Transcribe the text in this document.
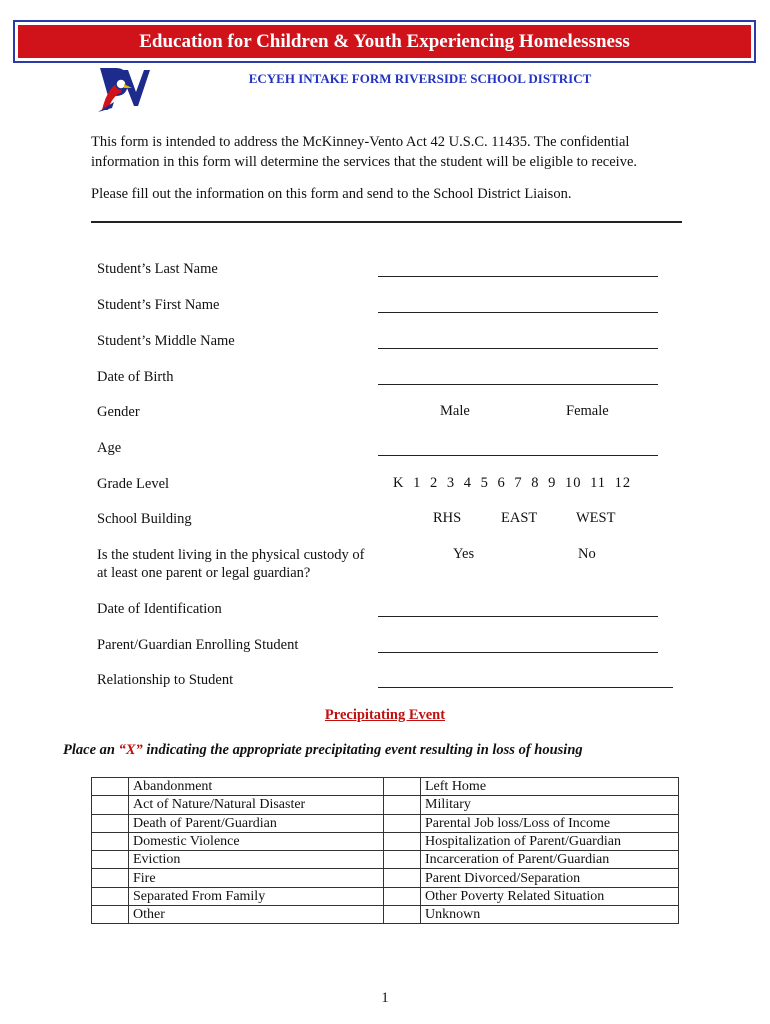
Education for Children & Youth Experiencing Homelessness
ECYEH INTAKE FORM RIVERSIDE SCHOOL DISTRICT
This form is intended to address the McKinney-Vento Act 42 U.S.C. 11435. The confidential information in this form will determine the services that the student will be eligible to receive.
Please fill out the information on this form and send to the School District Liaison.
Student’s Last Name
Student’s First Name
Student’s Middle Name
Date of Birth
Gender	Male	Female
Age
Grade Level	K 1 2 3 4 5 6 7 8 9 10 11 12
School Building	RHS	EAST	WEST
Is the student living in the physical custody of at least one parent or legal guardian?
Yes	No
Date of Identification
Parent/Guardian Enrolling Student
Relationship to Student
Precipitating Event
Place an “X” indicating the appropriate precipitating event resulting in loss of housing
	Abandonment		Left Home
	Act of Nature/Natural Disaster		Military
	Death of Parent/Guardian		Parental Job loss/Loss of Income
	Domestic Violence		Hospitalization of Parent/Guardian
	Eviction		Incarceration of Parent/Guardian
	Fire		Parent Divorced/Separation
	Separated From Family		Other Poverty Related Situation
	Other		Unknown
1
